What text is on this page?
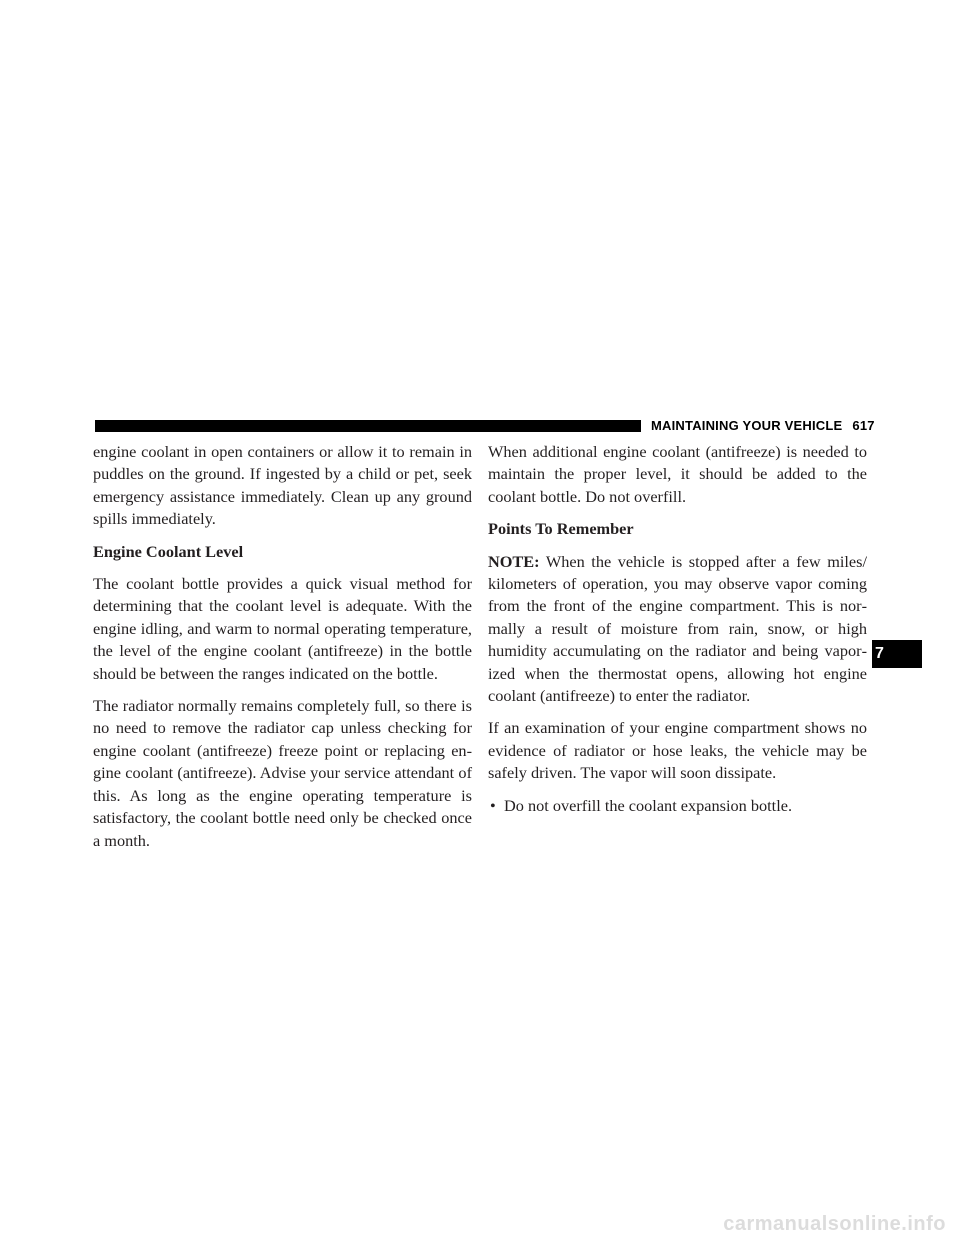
MAINTAINING YOUR VEHICLE 617

engine coolant in open containers or allow it to remain in puddles on the ground. If ingested by a child or pet, seek emergency assistance immediately. Clean up any ground spills immediately.

Engine Coolant Level

The coolant bottle provides a quick visual method for determining that the coolant level is adequate. With the engine idling, and warm to normal operating temperature, the level of the engine coolant (antifreeze) in the bottle should be between the ranges indicated on the bottle.

The radiator normally remains completely full, so there is no need to remove the radiator cap unless checking for engine coolant (antifreeze) freeze point or replacing engine coolant (antifreeze). Advise your service attendant of this. As long as the engine operating temperature is satisfactory, the coolant bottle need only be checked once a month.

When additional engine coolant (antifreeze) is needed to maintain the proper level, it should be added to the coolant bottle. Do not overfill.

Points To Remember

NOTE: When the vehicle is stopped after a few miles/ kilometers of operation, you may observe vapor coming from the front of the engine compartment. This is normally a result of moisture from rain, snow, or high humidity accumulating on the radiator and being vaporized when the thermostat opens, allowing hot engine coolant (antifreeze) to enter the radiator.

If an examination of your engine compartment shows no evidence of radiator or hose leaks, the vehicle may be safely driven. The vapor will soon dissipate.

• Do not overfill the coolant expansion bottle.
7
carmanualsonline.info
